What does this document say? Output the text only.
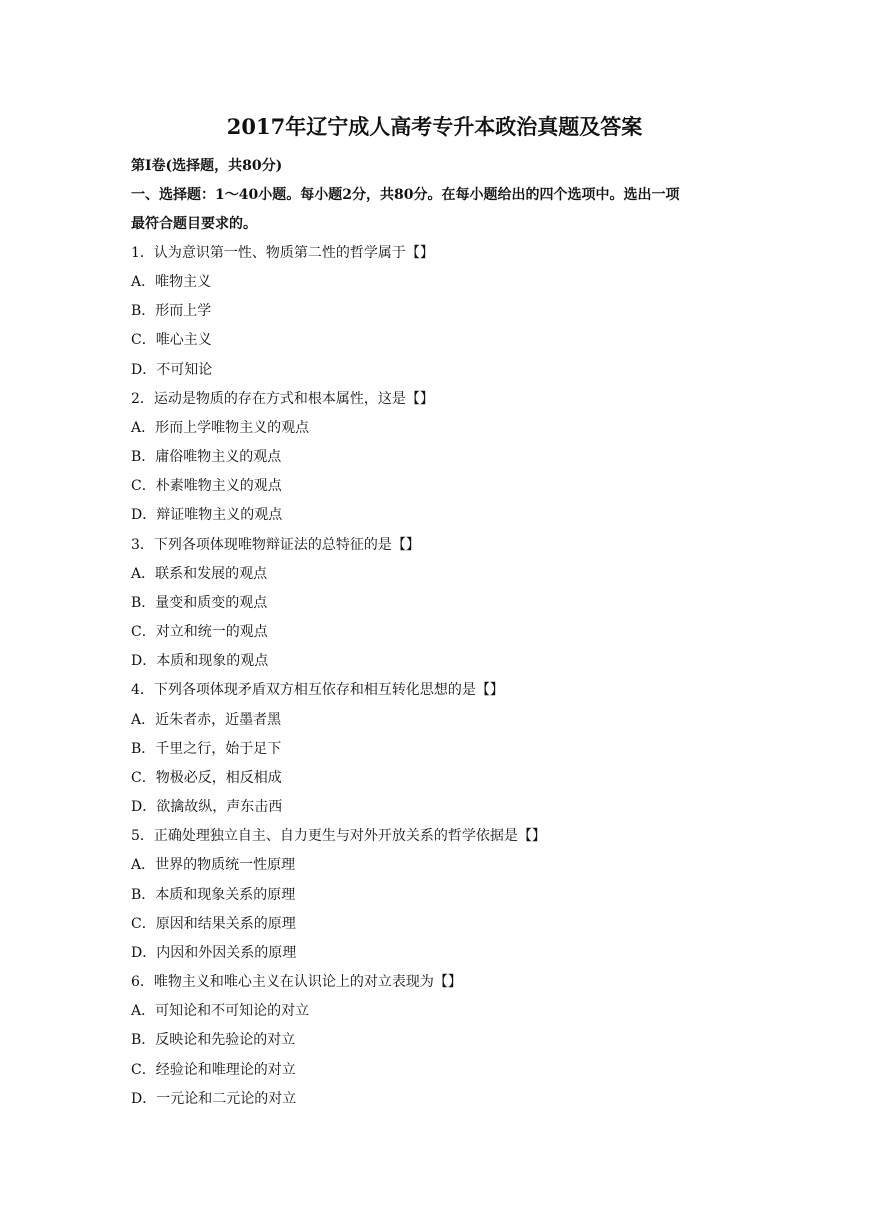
2017年辽宁成人高考专升本政治真题及答案
第Ⅰ卷(选择题，共80分)
一、选择题：1～40小题。每小题2分，共80分。在每小题给出的四个选项中。选出一项
最符合题目要求的。
1．认为意识第一性、物质第二性的哲学属于【】
A．唯物主义
B．形而上学
C．唯心主义
D．不可知论
2．运动是物质的存在方式和根本属性，这是【】
A．形而上学唯物主义的观点
B．庸俗唯物主义的观点
C．朴素唯物主义的观点
D．辩证唯物主义的观点
3．下列各项体现唯物辩证法的总特征的是【】
A．联系和发展的观点
B．量变和质变的观点
C．对立和统一的观点
D．本质和现象的观点
4．下列各项体现矛盾双方相互依存和相互转化思想的是【】
A．近朱者赤，近墨者黑
B．千里之行，始于足下
C．物极必反，相反相成
D．欲擒故纵，声东击西
5．正确处理独立自主、自力更生与对外开放关系的哲学依据是【】
A．世界的物质统一性原理
B．本质和现象关系的原理
C．原因和结果关系的原理
D．内因和外因关系的原理
6．唯物主义和唯心主义在认识论上的对立表现为【】
A．可知论和不可知论的对立
B．反映论和先验论的对立
C．经验论和唯理论的对立
D．一元论和二元论的对立
